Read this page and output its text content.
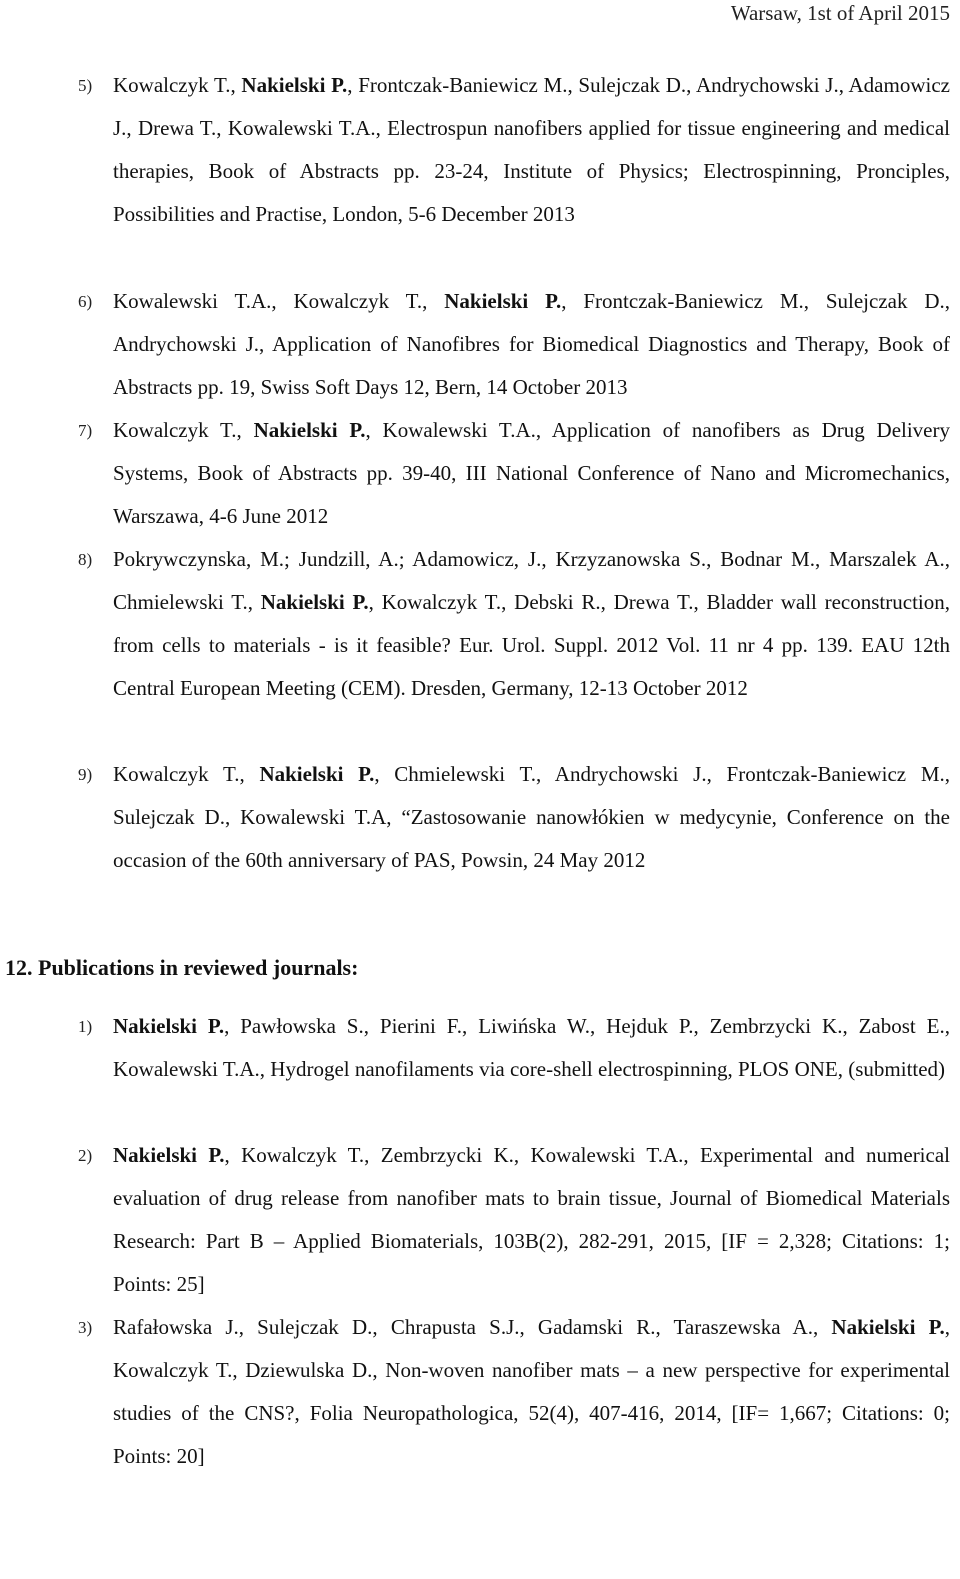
Warsaw, 1st of April 2015
5) Kowalczyk T., Nakielski P., Frontczak-Baniewicz M., Sulejczak D., Andrychowski J., Adamowicz J., Drewa T., Kowalewski T.A., Electrospun nanofibers applied for tissue engineering and medical therapies, Book of Abstracts pp. 23-24, Institute of Physics; Electrospinning, Pronciples, Possibilities and Practise, London, 5-6 December 2013
6) Kowalewski T.A., Kowalczyk T., Nakielski P., Frontczak-Baniewicz M., Sulejczak D., Andrychowski J., Application of Nanofibres for Biomedical Diagnostics and Therapy, Book of Abstracts pp. 19, Swiss Soft Days 12, Bern, 14 October 2013
7) Kowalczyk T., Nakielski P., Kowalewski T.A., Application of nanofibers as Drug Delivery Systems, Book of Abstracts pp. 39-40, III National Conference of Nano and Micromechanics, Warszawa, 4-6 June 2012
8) Pokrywczynska, M.; Jundzill, A.; Adamowicz, J., Krzyzanowska S., Bodnar M., Marszalek A., Chmielewski T., Nakielski P., Kowalczyk T., Debski R., Drewa T., Bladder wall reconstruction, from cells to materials - is it feasible? Eur. Urol. Suppl. 2012 Vol. 11 nr 4 pp. 139. EAU 12th Central European Meeting (CEM). Dresden, Germany, 12-13 October 2012
9) Kowalczyk T., Nakielski P., Chmielewski T., Andrychowski J., Frontczak-Baniewicz M., Sulejczak D., Kowalewski T.A, “Zastosowanie nanowłókien w medycynie, Conference on the occasion of the 60th anniversary of PAS, Powsin, 24 May 2012
12. Publications in reviewed journals:
1) Nakielski P., Pawłowska S., Pierini F., Liwińska W., Hejduk P., Zembrzycki K., Zabost E., Kowalewski T.A., Hydrogel nanofilaments via core-shell electrospinning, PLOS ONE, (submitted)
2) Nakielski P., Kowalczyk T., Zembrzycki K., Kowalewski T.A., Experimental and numerical evaluation of drug release from nanofiber mats to brain tissue, Journal of Biomedical Materials Research: Part B – Applied Biomaterials, 103B(2), 282-291, 2015, [IF = 2,328; Citations: 1; Points: 25]
3) Rafałowska J., Sulejczak D., Chrapusta S.J., Gadamski R., Taraszewska A., Nakielski P., Kowalczyk T., Dziewulska D., Non-woven nanofiber mats – a new perspective for experimental studies of the CNS?, Folia Neuropathologica, 52(4), 407-416, 2014, [IF= 1,667; Citations: 0; Points: 20]
